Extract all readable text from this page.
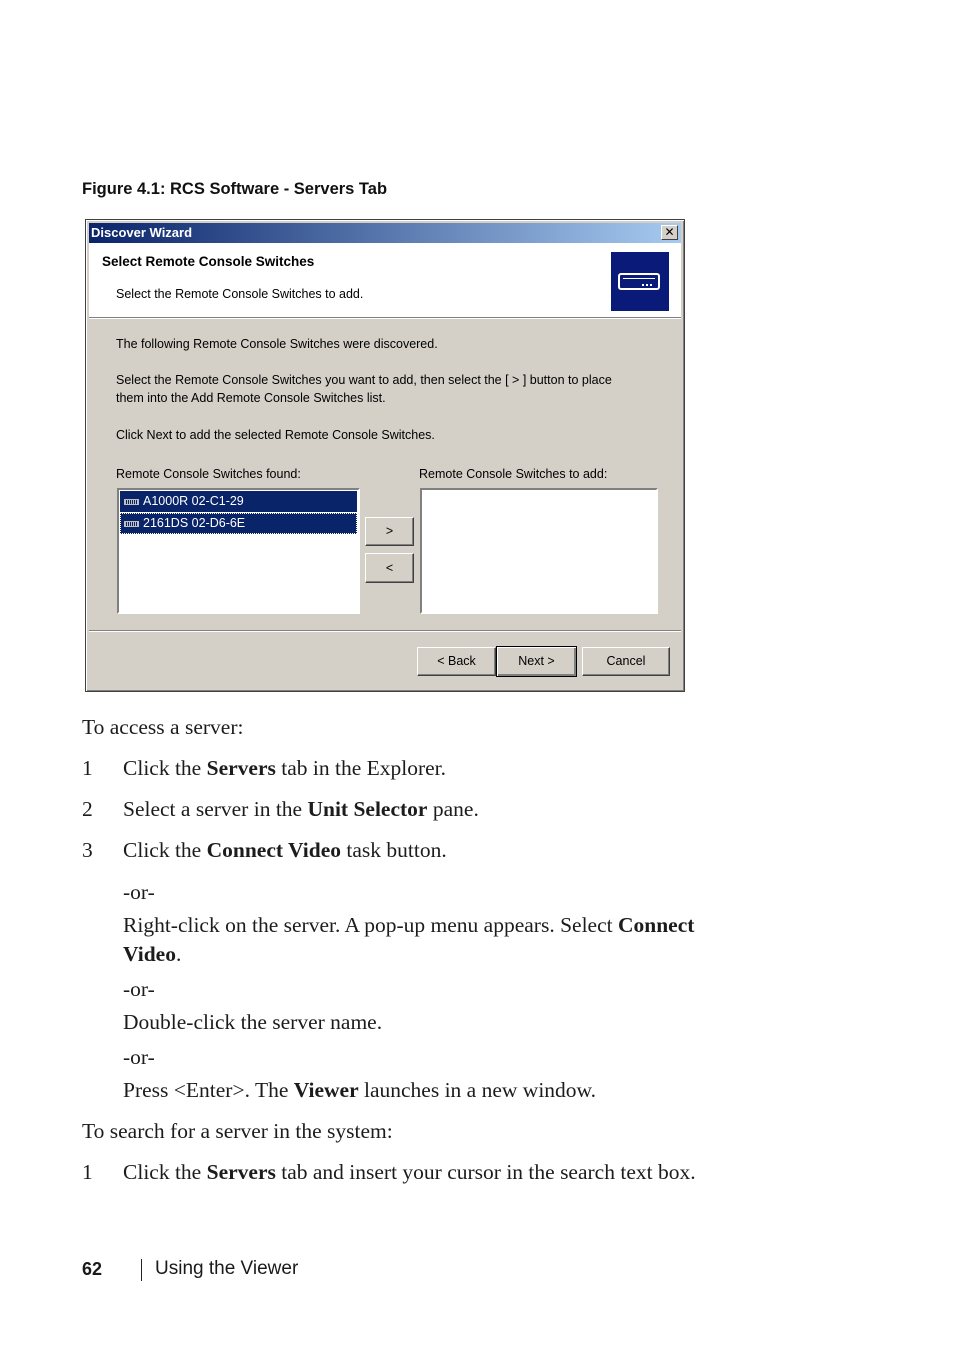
Figure 4.1: RCS Software - Servers Tab
Discover Wizard	✕
Select Remote Console Switches
Select the Remote Console Switches to add.
The following Remote Console Switches were discovered.
Select the Remote Console Switches you want to add, then select the [ > ] button to place
them into the Add Remote Console Switches list.
Click Next to add the selected Remote Console Switches.
Remote Console Switches found:	Remote Console Switches to add:
A1000R 02-C1-29
2161DS 02-D6-6E
>
<
< Back	Next >	Cancel
To access a server:
1 Click the Servers tab in the Explorer.
2 Select a server in the Unit Selector pane.
3 Click the Connect Video task button.
-or-
Right-click on the server. A pop-up menu appears. Select Connect
Video.
-or-
Double-click the server name.
-or-
Press <Enter>. The Viewer launches in a new window.
To search for a server in the system:
1 Click the Servers tab and insert your cursor in the search text box.
62	Using the Viewer
